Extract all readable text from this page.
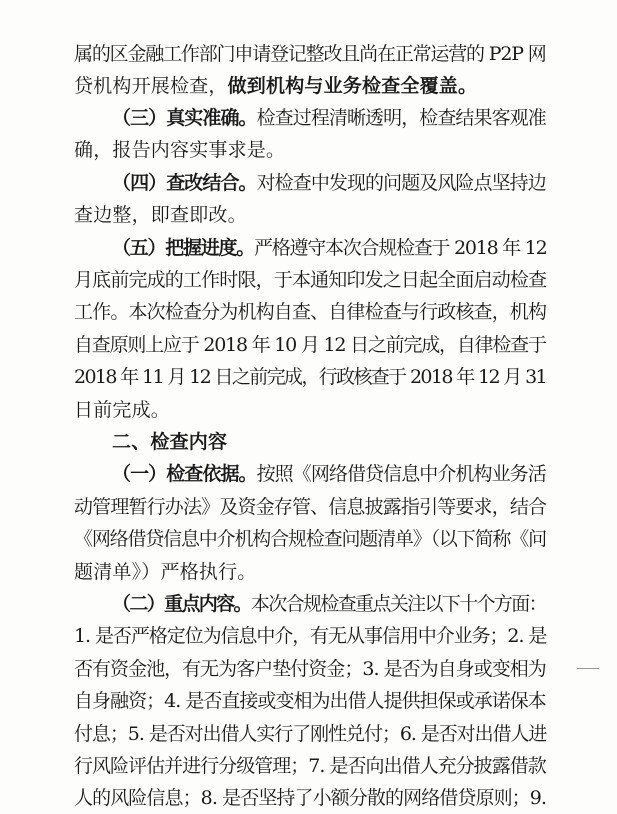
属的区金融工作部门申请登记整改且尚在正常运营的 P2P 网
贷机构开展检查，做到机构与业务检查全覆盖。
（三）真实准确。检查过程清晰透明，检查结果客观准
确，报告内容实事求是。
（四）查改结合。对检查中发现的问题及风险点坚持边
查边整，即查即改。
（五）把握进度。严格遵守本次合规检查于 2018 年 12
月底前完成的工作时限，于本通知印发之日起全面启动检查
工作。本次检查分为机构自查、自律检查与行政核查，机构
自查原则上应于 2018 年 10 月 12 日之前完成，自律检查于
2018 年 11 月 12 日之前完成，行政核查于 2018 年 12 月 31
日前完成。
二、检查内容
（一）检查依据。按照《网络借贷信息中介机构业务活
动管理暂行办法》及资金存管、信息披露指引等要求，结合
《网络借贷信息中介机构合规检查问题清单》（以下简称《问
题清单》）严格执行。
（二）重点内容。本次合规检查重点关注以下十个方面：
1. 是否严格定位为信息中介，有无从事信用中介业务；2. 是
否有资金池，有无为客户垫付资金；3. 是否为自身或变相为
自身融资；4. 是否直接或变相为出借人提供担保或承诺保本
付息；5. 是否对出借人实行了刚性兑付；6. 是否对出借人进
行风险评估并进行分级管理；7. 是否向出借人充分披露借款
人的风险信息；8. 是否坚持了小额分散的网络借贷原则；9.
